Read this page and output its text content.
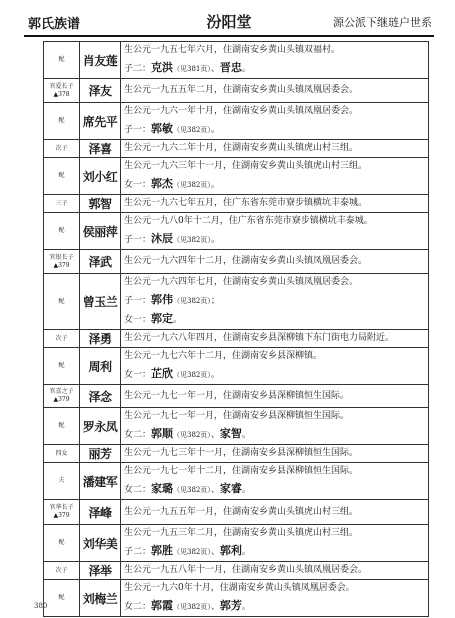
郭氏族谱	汾阳堂	源公派下继琏户世系
配	肖友莲	生公元一九五七年六月，住湖南安乡黄山头镇双福村。
子二：克洪（见381页）、晋忠。

官爱长子
▲378	泽友	生公元一九五五年二月，住湖南安乡黄山头镇凤凰居委会。

配	席先平	生公元一九六一年十月，住湖南安乡黄山头镇凤凰居委会。
子一：郭敏（见382页）。

次子	泽喜	生公元一九六二年十月，住湖南安乡黄山头镇虎山村三组。

配	刘小红	生公元一九六三年十一月，住湖南安乡黄山头镇虎山村三组。
女一：郭杰（见382页）。

三子	郭智	生公元一九六七年五月，住广东省东莞市寮步镇横坑丰泰城。

配	侯丽萍	生公元一九八0年十二月，住广东省东莞市寮步镇横坑丰泰城。
子一：沐辰（见382页）。

官银长子
▲379	泽武	生公元一九六四年十二月，住湖南安乡黄山头镇凤凰居委会。

配	曾玉兰	生公元一九六四年七月，住湖南安乡黄山头镇凤凰居委会。
子一：郭伟（见382页）；
女一：郭定。

次子	泽勇	生公元一九六八年四月，住湖南安乡县深柳镇下东门街电力局附近。

配	周利	生公元一九七六年十二月，住湖南安乡县深柳镇。
女一：芷欣（见382页）。

官喜之子
▲379	泽念	生公元一九七一年一月，住湖南安乡县深柳镇恒生国际。

配	罗永凤	生公元一九七一年一月，住湖南安乡县深柳镇恒生国际。
女二：郭顺（见382页）、家智。

四女	丽芳	生公元一九七三年十一月，住湖南安乡县深柳镇恒生国际。

夫	潘建军	生公元一九七一年十二月，住湖南安乡县深柳镇恒生国际。
女二：家璐（见382页）、家睿。

官华长子
▲379	泽峰	生公元一九五五年一月，住湖南安乡黄山头镇虎山村三组。

配	刘华美	生公元一九五三年二月，住湖南安乡黄山头镇虎山村三组。
子二：郭胜（见382页）、郭利。

次子	泽举	生公元一九五八年十一月，住湖南安乡黄山头镇凤凰居委会。

配	刘梅兰	生公元一九六0年十月，住湖南安乡黄山头镇凤凰居委会。
女二：郭霞（见382页）、郭芳。
380
